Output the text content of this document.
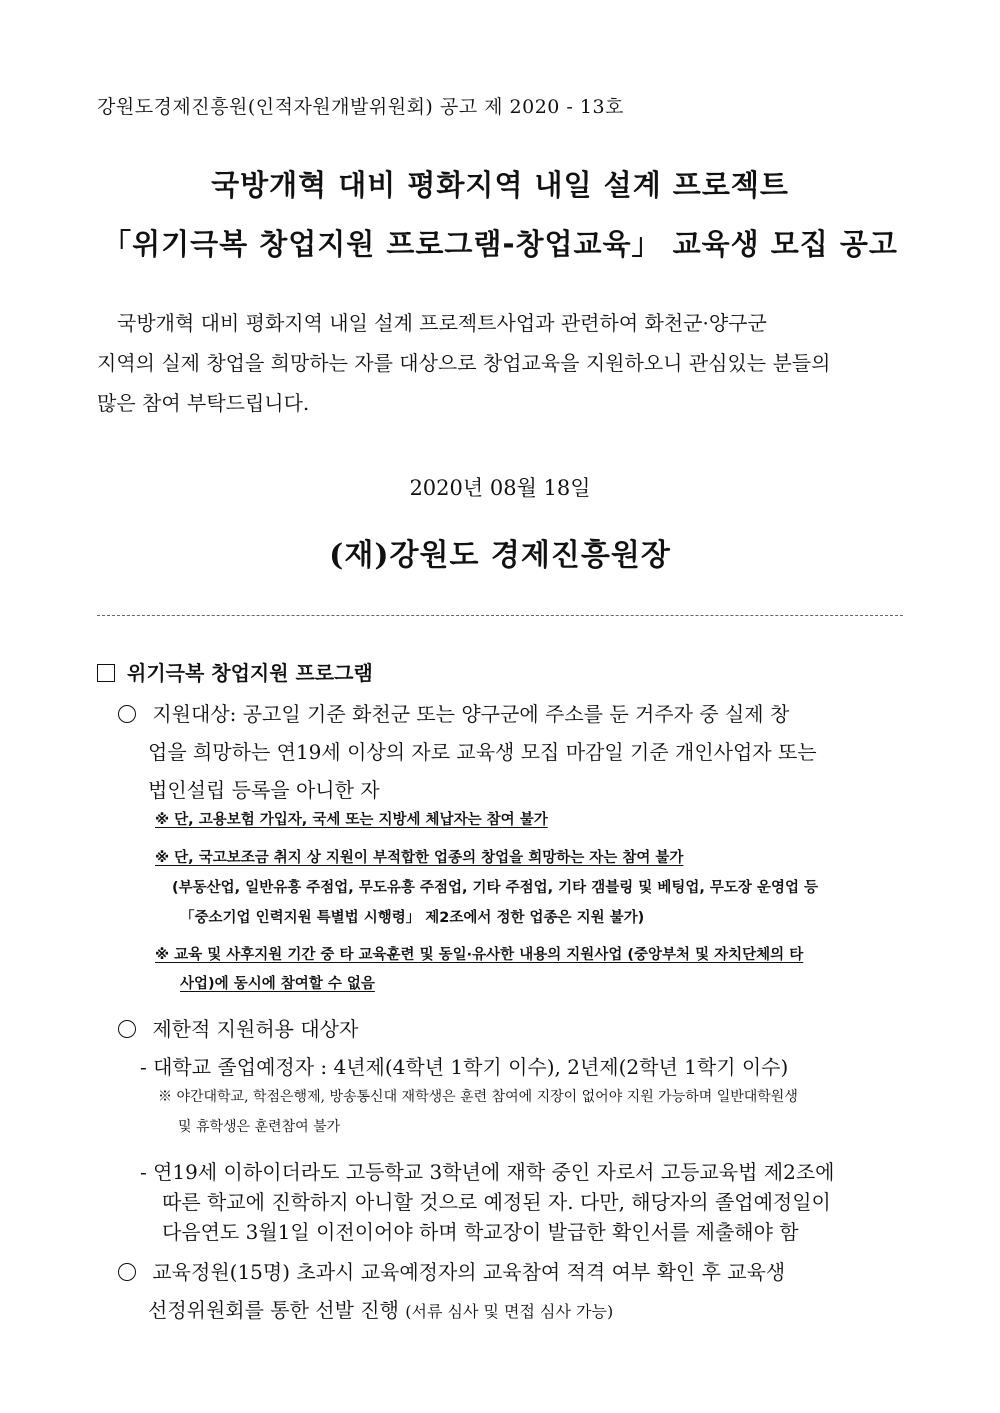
강원도경제진흥원(인적자원개발위원회) 공고 제 2020 - 13호
국방개혁 대비 평화지역 내일 설계 프로젝트
「위기극복 창업지원 프로그램-창업교육」 교육생 모집 공고
국방개혁 대비 평화지역 내일 설계 프로젝트사업과 관련하여 화천군·양구군
지역의 실제 창업을 희망하는 자를 대상으로 창업교육을 지원하오니 관심있는 분들의
많은 참여 부탁드립니다.
2020년 08월 18일
(재)강원도 경제진흥원장
위기극복 창업지원 프로그램
지원대상: 공고일 기준 화천군 또는 양구군에 주소를 둔 거주자 중 실제 창
업을 희망하는 연19세 이상의 자로 교육생 모집 마감일 기준 개인사업자 또는
법인설립 등록을 아니한 자
※ 단, 고용보험 가입자, 국세 또는 지방세 체납자는 참여 불가
※ 단, 국고보조금 취지 상 지원이 부적합한 업종의 창업을 희망하는 자는 참여 불가
(부동산업, 일반유흥 주점업, 무도유흥 주점업, 기타 주점업, 기타 갬블링 및 베팅업, 무도장 운영업 등
「중소기업 인력지원 특별법 시행령」 제2조에서 정한 업종은 지원 불가)
※ 교육 및 사후지원 기간 중 타 교육훈련 및 동일·유사한 내용의 지원사업 (중앙부처 및 자치단체의 타
사업)에 동시에 참여할 수 없음
제한적 지원허용 대상자
- 대학교 졸업예정자 : 4년제(4학년 1학기 이수), 2년제(2학년 1학기 이수)
※ 야간대학교, 학점은행제, 방송통신대 재학생은 훈련 참여에 지장이 없어야 지원 가능하며 일반대학원생
및 휴학생은 훈련참여 불가
- 연19세 이하이더라도 고등학교 3학년에 재학 중인 자로서 고등교육법 제2조에
따른 학교에 진학하지 아니할 것으로 예정된 자. 다만, 해당자의 졸업예정일이
다음연도 3월1일 이전이어야 하며 학교장이 발급한 확인서를 제출해야 함
교육정원(15명) 초과시 교육예정자의 교육참여 적격 여부 확인 후 교육생
선정위원회를 통한 선발 진행 (서류 심사 및 면접 심사 가능)
